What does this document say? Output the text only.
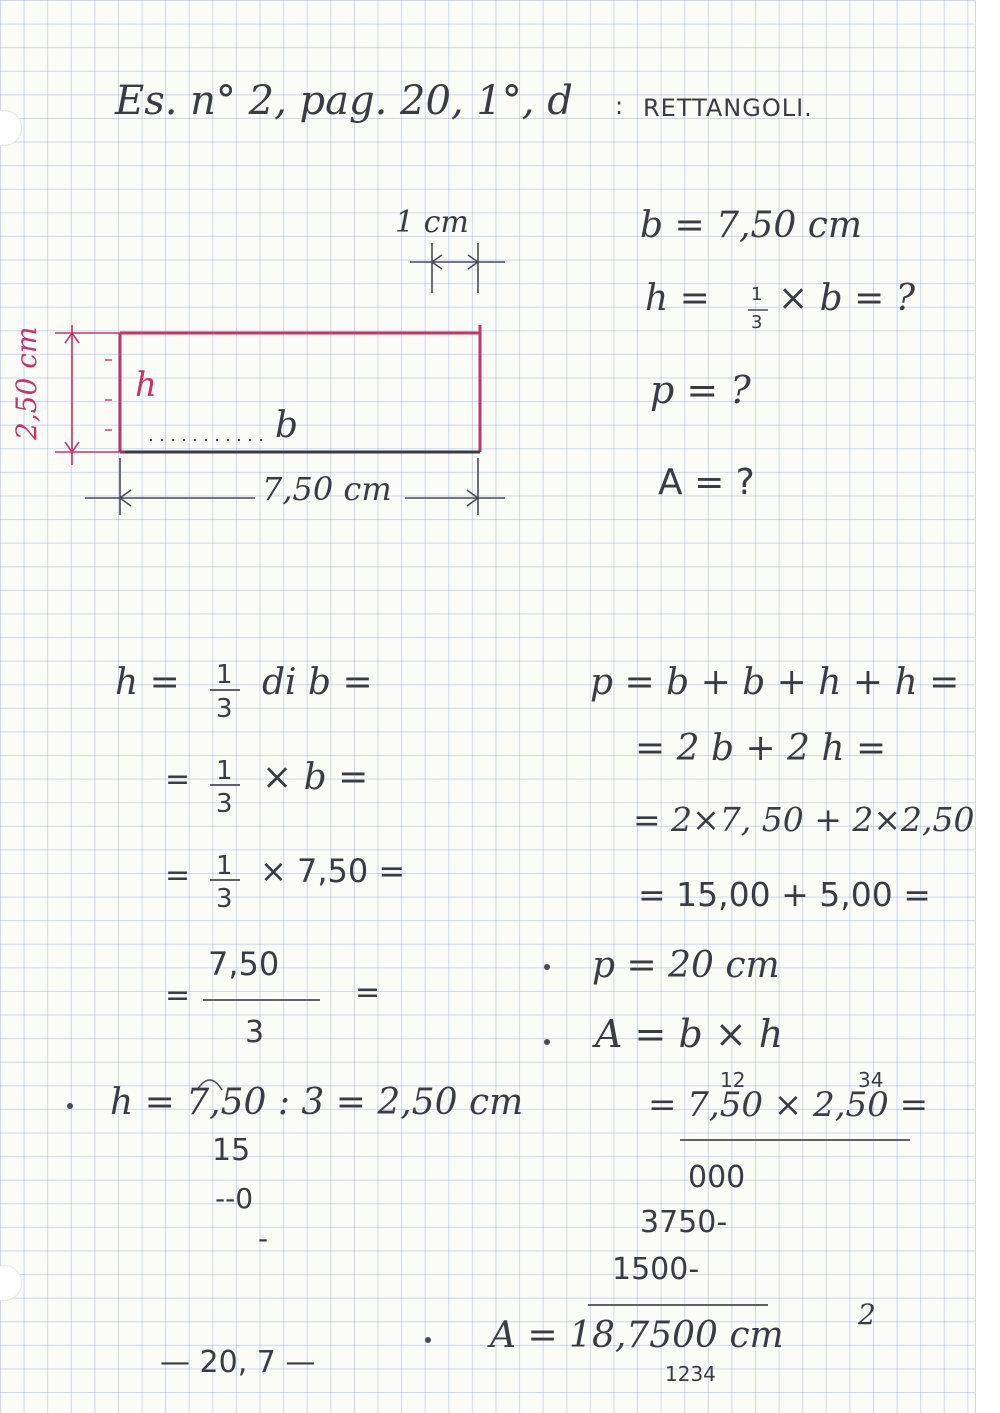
Es. n° 2, pag. 20, 1°, d : RETTANGOLI.
1 cm
2,50 cm	h
b
7,50 cm
b = 7,50 cm
h = 1
3
× b = ?
p = ?
A = ?
h = 1
3
di b =
= 1
3
× b =
= 1
3
× 7,50 =
=
7,50
3
=
h = 7,50 : 3 = 2,50 cm
15
--0
-
p = b + b + h + h =
= 2 b + 2 h =
= 2×7, 50 + 2×2,50
= 15,00 + 5,00 =
p = 20 cm
A = b × h
12	34
= 7,50 × 2,50 =
000
3750-
1500-
A = 18,7500 cm
2
1234
— 20, 7 —
